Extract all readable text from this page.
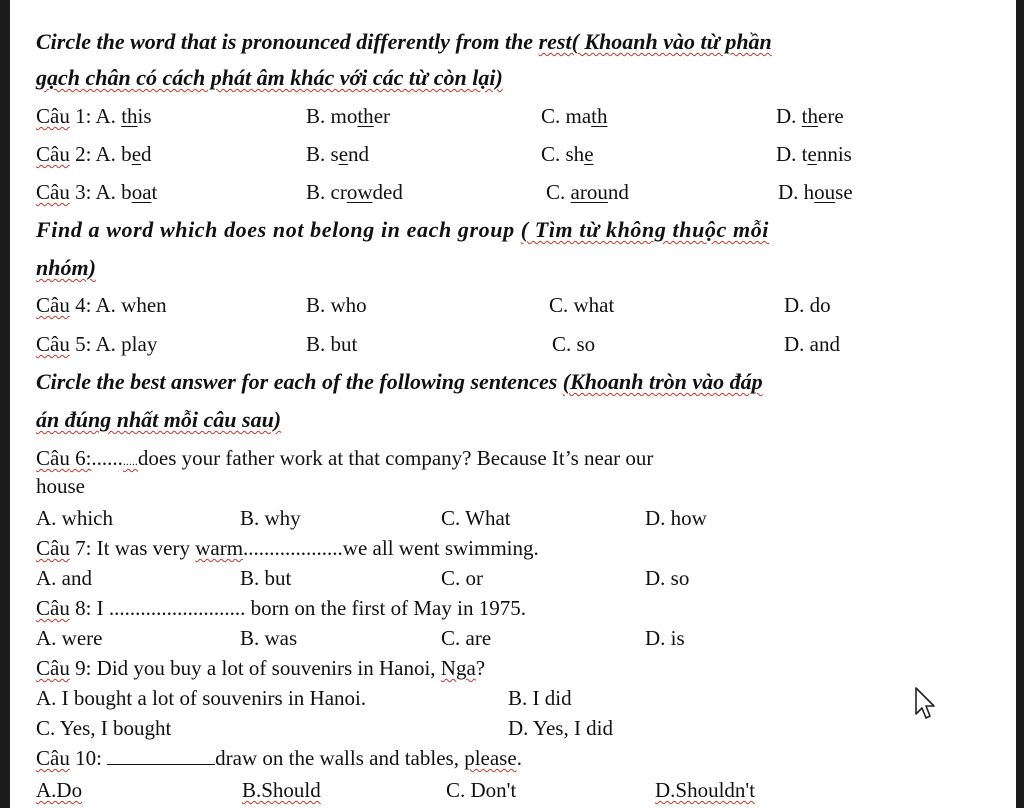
Circle the word that is pronounced differently from the rest( Khoanh vào từ phần
gạch chân có cách phát âm khác với các từ còn lại)
Câu 1: A. this	B. mother	C. math	D. there
Câu 2: A. bed	B. send	C. she	D. tennis
Câu 3: A. boat	B. crowded	C. around	D. house
Find a word which does not belong in each group ( Tìm từ không thuộc mỗi
nhóm)
Câu 4: A. when	B. who	C. what	D. do
Câu 5: A. play	B. but	C. so	D. and
Circle the best answer for each of the following sentences (Khoanh tròn vào đáp
án đúng nhất mỗi câu sau)
Câu 6:...........does your father work at that company? Because It’s near our
house
A. which	B. why	C. What	D. how
Câu 7: It was very warm...................we all went swimming.
A. and	B. but	C. or	D. so
Câu 8: I .......................... born on the first of May in 1975.
A. were	B. was	C. are	D. is
Câu 9: Did you buy a lot of souvenirs in Hanoi, Nga?
A. I bought a lot of souvenirs in Hanoi.	B. I did
C. Yes, I bought	D. Yes, I did
Câu 10:	draw on the walls and tables, please.
A.Do	B.Should	C. Don't	D.Shouldn't
